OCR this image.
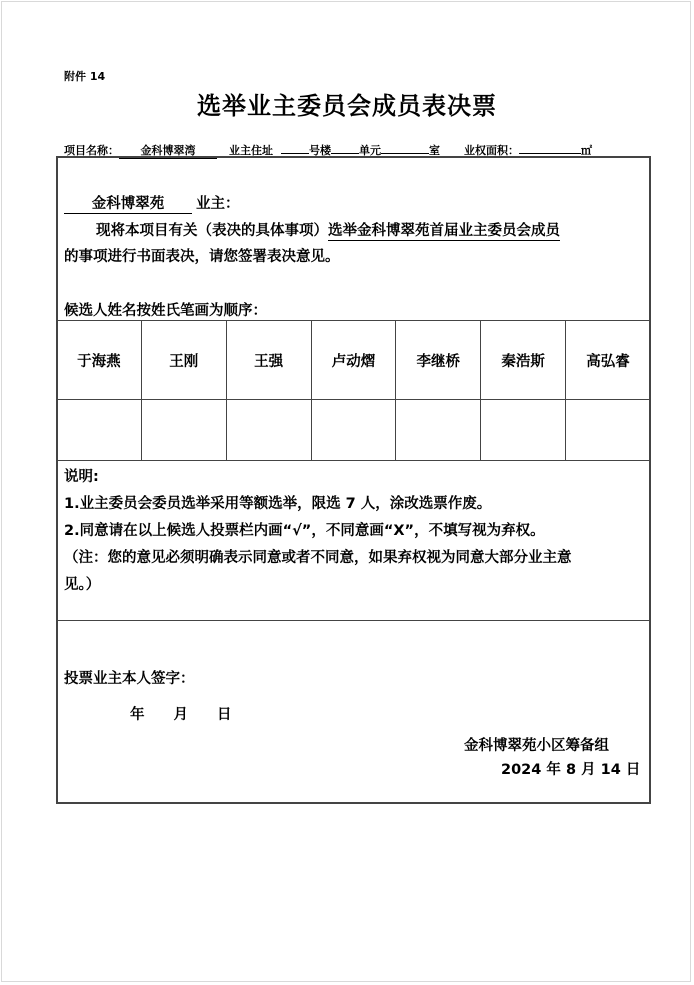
附件 14
选举业主委员会成员表决票
项目名称： 金科博翠湾	业主住址	号楼	单元	室 业权面积：	㎡
金科博翠苑 业主：
现将本项目有关（表决的具体事项）选举金科博翠苑首届业主委员会成员
的事项进行书面表决，请您签署表决意见。
候选人姓名按姓氏笔画为顺序：
于海燕	王刚	王强	卢动熠	李继桥	秦浩斯	高弘睿

说明:
1.业主委员会委员选举采用等额选举，限选 7 人，涂改选票作废。
2.同意请在以上候选人投票栏内画“√”，不同意画“X”，不填写视为弃权。
（注：您的意见必须明确表示同意或者不同意，如果弃权视为同意大部分业主意
见。）
投票业主本人签字：
年　　月　　日
金科博翠苑小区筹备组
2024 年 8 月 14 日
